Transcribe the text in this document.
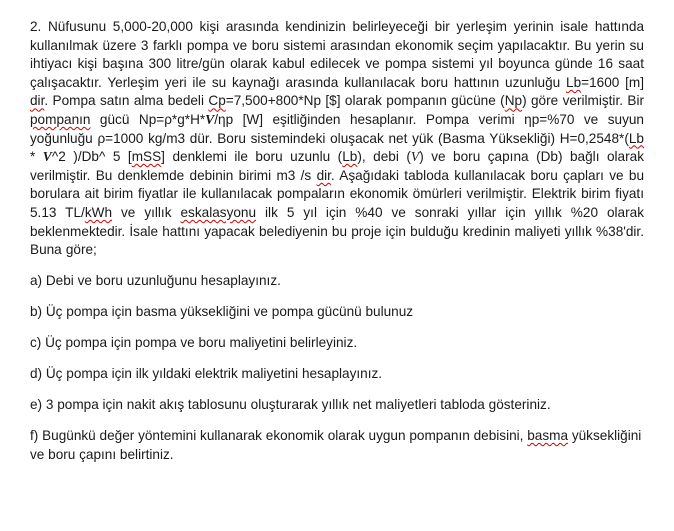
2. Nüfusunu 5,000-20,000 kişi arasında kendinizin belirleyeceği bir yerleşim yerinin isale hattında kullanılmak üzere 3 farklı pompa ve boru sistemi arasından ekonomik seçim yapılacaktır. Bu yerin su ihtiyacı kişi başına 300 litre/gün olarak kabul edilecek ve pompa sistemi yıl boyunca günde 16 saat çalışacaktır. Yerleşim yeri ile su kaynağı arasında kullanılacak boru hattının uzunluğu Lb=1600 [m] dir. Pompa satın alma bedeli Cp=7,500+800*Np [$] olarak pompanın gücüne (Np) göre verilmiştir. Bir pompanın gücü Np=ρ*g*H*V/ηp [W] eşitliğinden hesaplanır. Pompa verimi ηp=%70 ve suyun yoğunluğu ρ=1000 kg/m3 dür. Boru sistemindeki oluşacak net yük (Basma Yüksekliği) H=0,2548*(Lb * V^2 )/Db^ 5 [mSS] denklemi ile boru uzunlu (Lb), debi (V) ve boru çapına (Db) bağlı olarak verilmiştir. Bu denklemde debinin birimi m3 /s dir. Aşağıdaki tabloda kullanılacak boru çapları ve bu borulara ait birim fiyatlar ile kullanılacak pompaların ekonomik ömürleri verilmiştir. Elektrik birim fiyatı 5.13 TL/kWh ve yıllık eskalasyonu ilk 5 yıl için %40 ve sonraki yıllar için yıllık %20 olarak beklenmektedir. İsale hattını yapacak belediyenin bu proje için bulduğu kredinin maliyeti yıllık %38'dir. Buna göre;

a) Debi ve boru uzunluğunu hesaplayınız.

b) Üç pompa için basma yüksekliğini ve pompa gücünü bulunuz

c) Üç pompa için pompa ve boru maliyetini belirleyiniz.

d) Üç pompa için ilk yıldaki elektrik maliyetini hesaplayınız.

e) 3 pompa için nakit akış tablosunu oluşturarak yıllık net maliyetleri tabloda gösteriniz.

f) Bugünkü değer yöntemini kullanarak ekonomik olarak uygun pompanın debisini, basma yüksekliğini ve boru çapını belirtiniz.
